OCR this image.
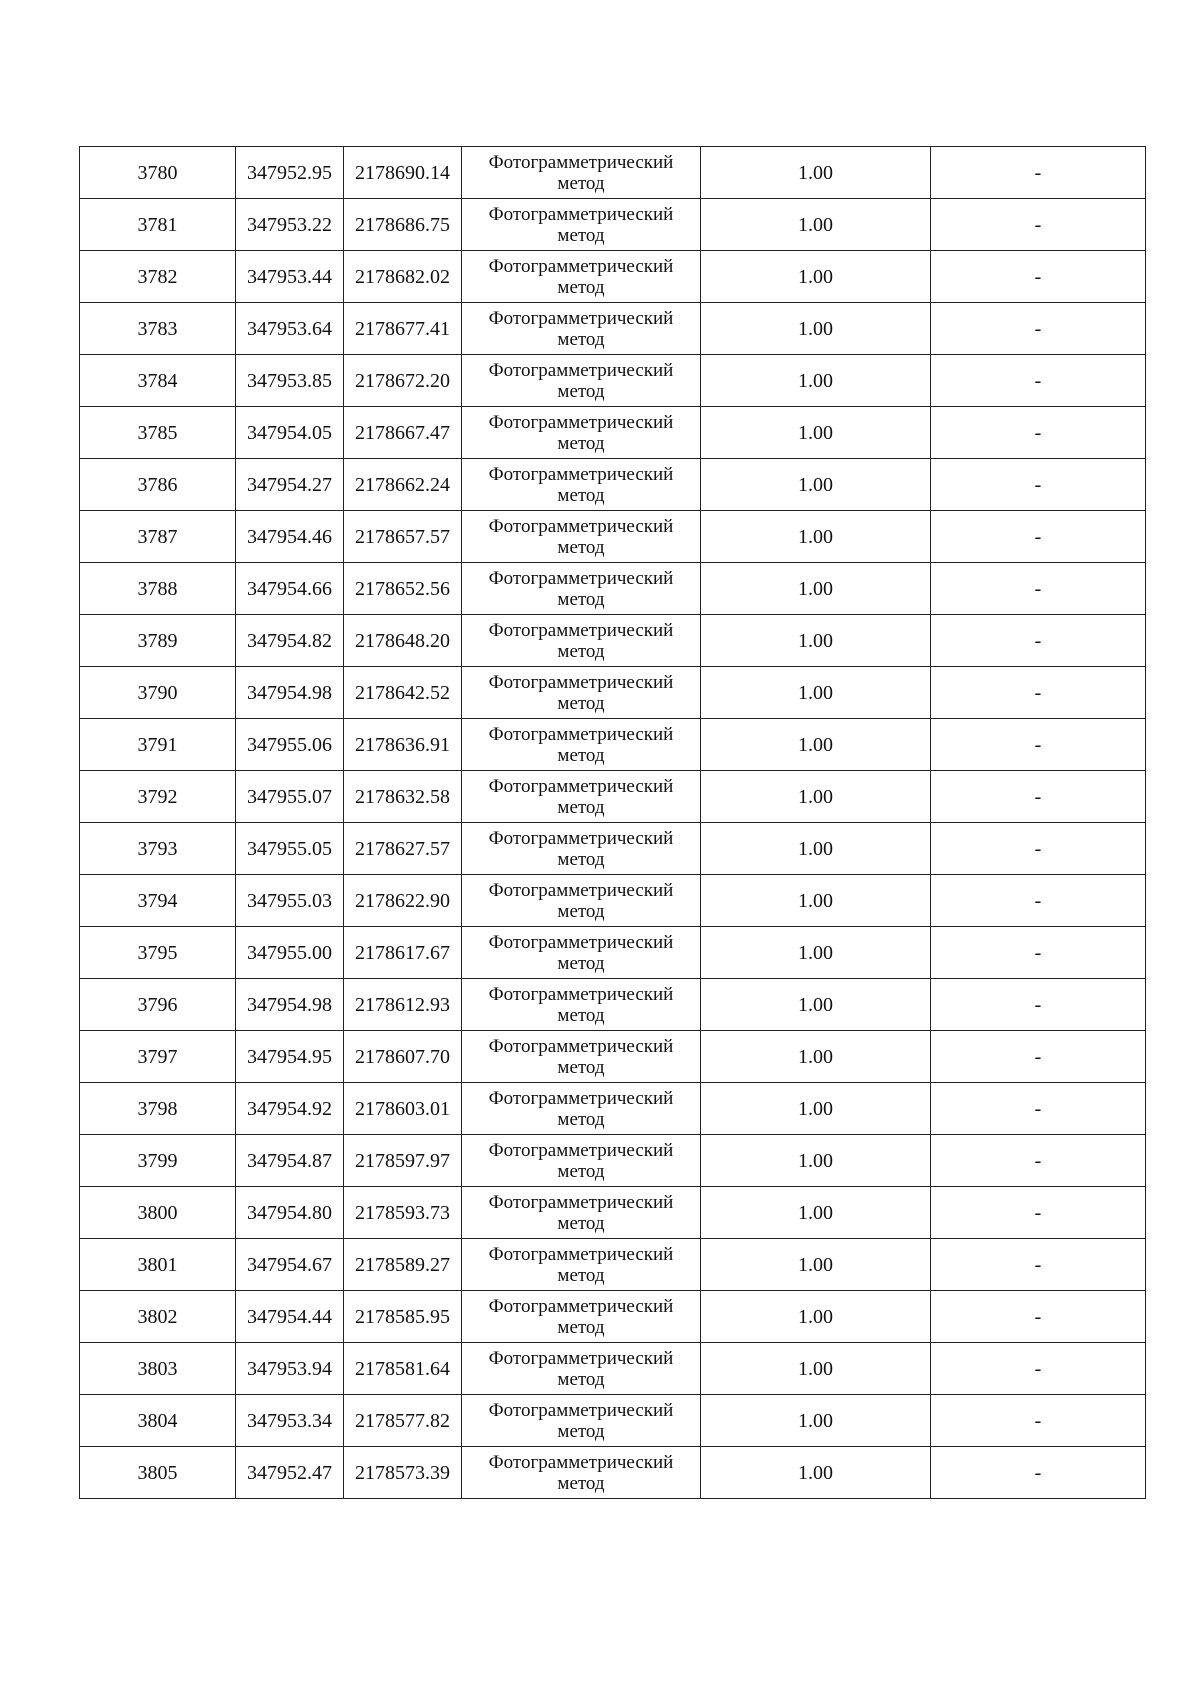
3780	347952.95	2178690.14	Фотограмметрический
метод	1.00	-
3781	347953.22	2178686.75	Фотограмметрический
метод	1.00	-
3782	347953.44	2178682.02	Фотограмметрический
метод	1.00	-
3783	347953.64	2178677.41	Фотограмметрический
метод	1.00	-
3784	347953.85	2178672.20	Фотограмметрический
метод	1.00	-
3785	347954.05	2178667.47	Фотограмметрический
метод	1.00	-
3786	347954.27	2178662.24	Фотограмметрический
метод	1.00	-
3787	347954.46	2178657.57	Фотограмметрический
метод	1.00	-
3788	347954.66	2178652.56	Фотограмметрический
метод	1.00	-
3789	347954.82	2178648.20	Фотограмметрический
метод	1.00	-
3790	347954.98	2178642.52	Фотограмметрический
метод	1.00	-
3791	347955.06	2178636.91	Фотограмметрический
метод	1.00	-
3792	347955.07	2178632.58	Фотограмметрический
метод	1.00	-
3793	347955.05	2178627.57	Фотограмметрический
метод	1.00	-
3794	347955.03	2178622.90	Фотограмметрический
метод	1.00	-
3795	347955.00	2178617.67	Фотограмметрический
метод	1.00	-
3796	347954.98	2178612.93	Фотограмметрический
метод	1.00	-
3797	347954.95	2178607.70	Фотограмметрический
метод	1.00	-
3798	347954.92	2178603.01	Фотограмметрический
метод	1.00	-
3799	347954.87	2178597.97	Фотограмметрический
метод	1.00	-
3800	347954.80	2178593.73	Фотограмметрический
метод	1.00	-
3801	347954.67	2178589.27	Фотограмметрический
метод	1.00	-
3802	347954.44	2178585.95	Фотограмметрический
метод	1.00	-
3803	347953.94	2178581.64	Фотограмметрический
метод	1.00	-
3804	347953.34	2178577.82	Фотограмметрический
метод	1.00	-
3805	347952.47	2178573.39	Фотограмметрический
метод	1.00	-
